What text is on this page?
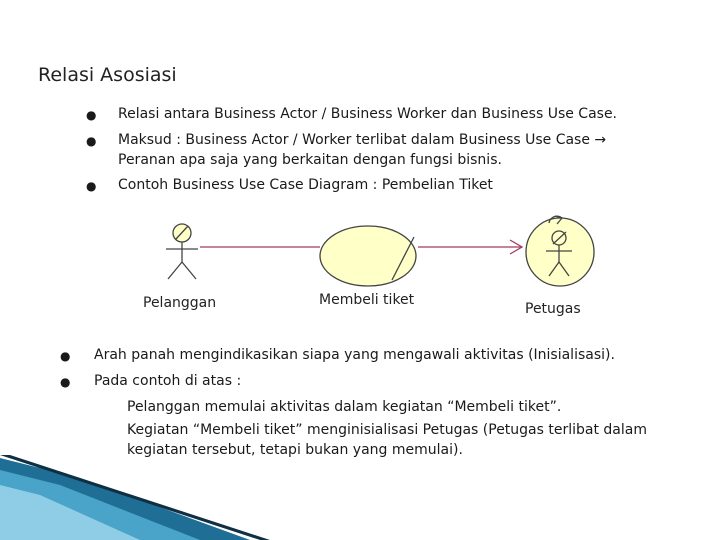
Relasi Asosiasi
●	Relasi antara Business Actor / Business Worker dan Business Use Case.
●	Maksud : Business Actor / Worker terlibat dalam Business Use Case →
Peranan apa saja yang berkaitan dengan fungsi bisnis.
●	Contoh Business Use Case Diagram : Pembelian Tiket
Pelanggan	Membeli tiket
Petugas
●	Arah panah mengindikasikan siapa yang mengawali aktivitas (Inisialisasi).
●	Pada contoh di atas :
Pelanggan memulai aktivitas dalam kegiatan “Membeli tiket”.
Kegiatan “Membeli tiket” menginisialisasi Petugas (Petugas terlibat dalam
kegiatan tersebut, tetapi bukan yang memulai).
